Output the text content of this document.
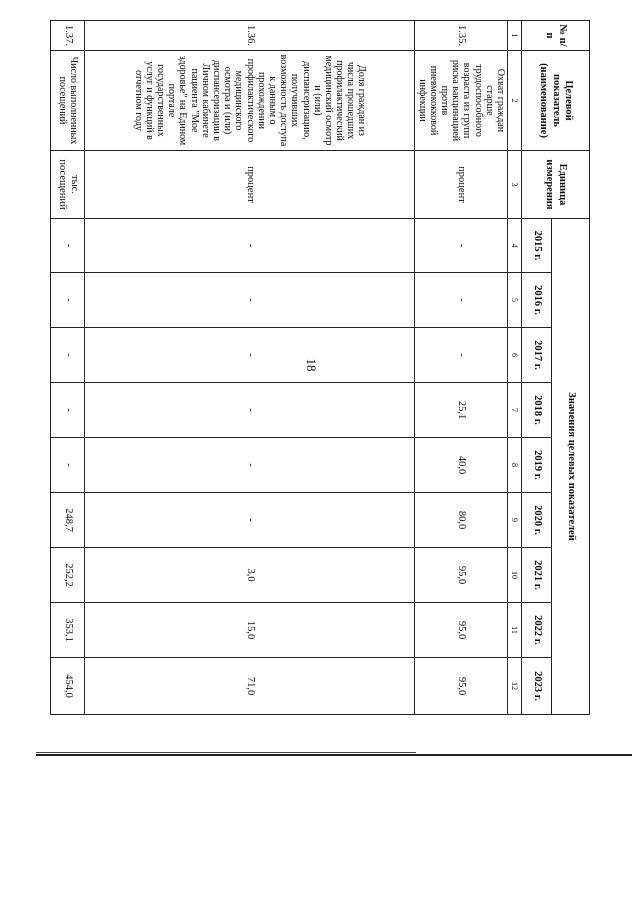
18
№ п/п	Целевой показатель (наименование)	Единица измерения	Значения целевых показателей								
			2015 г.	2016 г.	2017 г.	2018 г.	2019 г.	2020 г.	2021 г.	2022 г.	2023 г.
1	2	3	4	5	6	7	8	9	10	11	12
1.35.	Охват граждан старше трудоспособного возраста из групп риска вакцинацией против пневмококковой инфекции	процент	-	-	-	25,1	40,0	80,0	95,0	95,0	95,0
1.36.	Доля граждан из числа прошедших профилактический медицинский осмотр и (или) диспансеризацию, получивших возможность доступа к данным о прохождении профилактического медицинского осмотра и (или) диспансеризации в Личном кабинете пациента "Мое здоровье" на Едином портале государственных услуг и функций в отчетном году	процент	-	-	-	-	-	-	3,0	15,0	71,0
1.37.	Число выполненных посещений	тыс. посещений	-	-	-	-	-	248,7	252,2	353,1	454,0
